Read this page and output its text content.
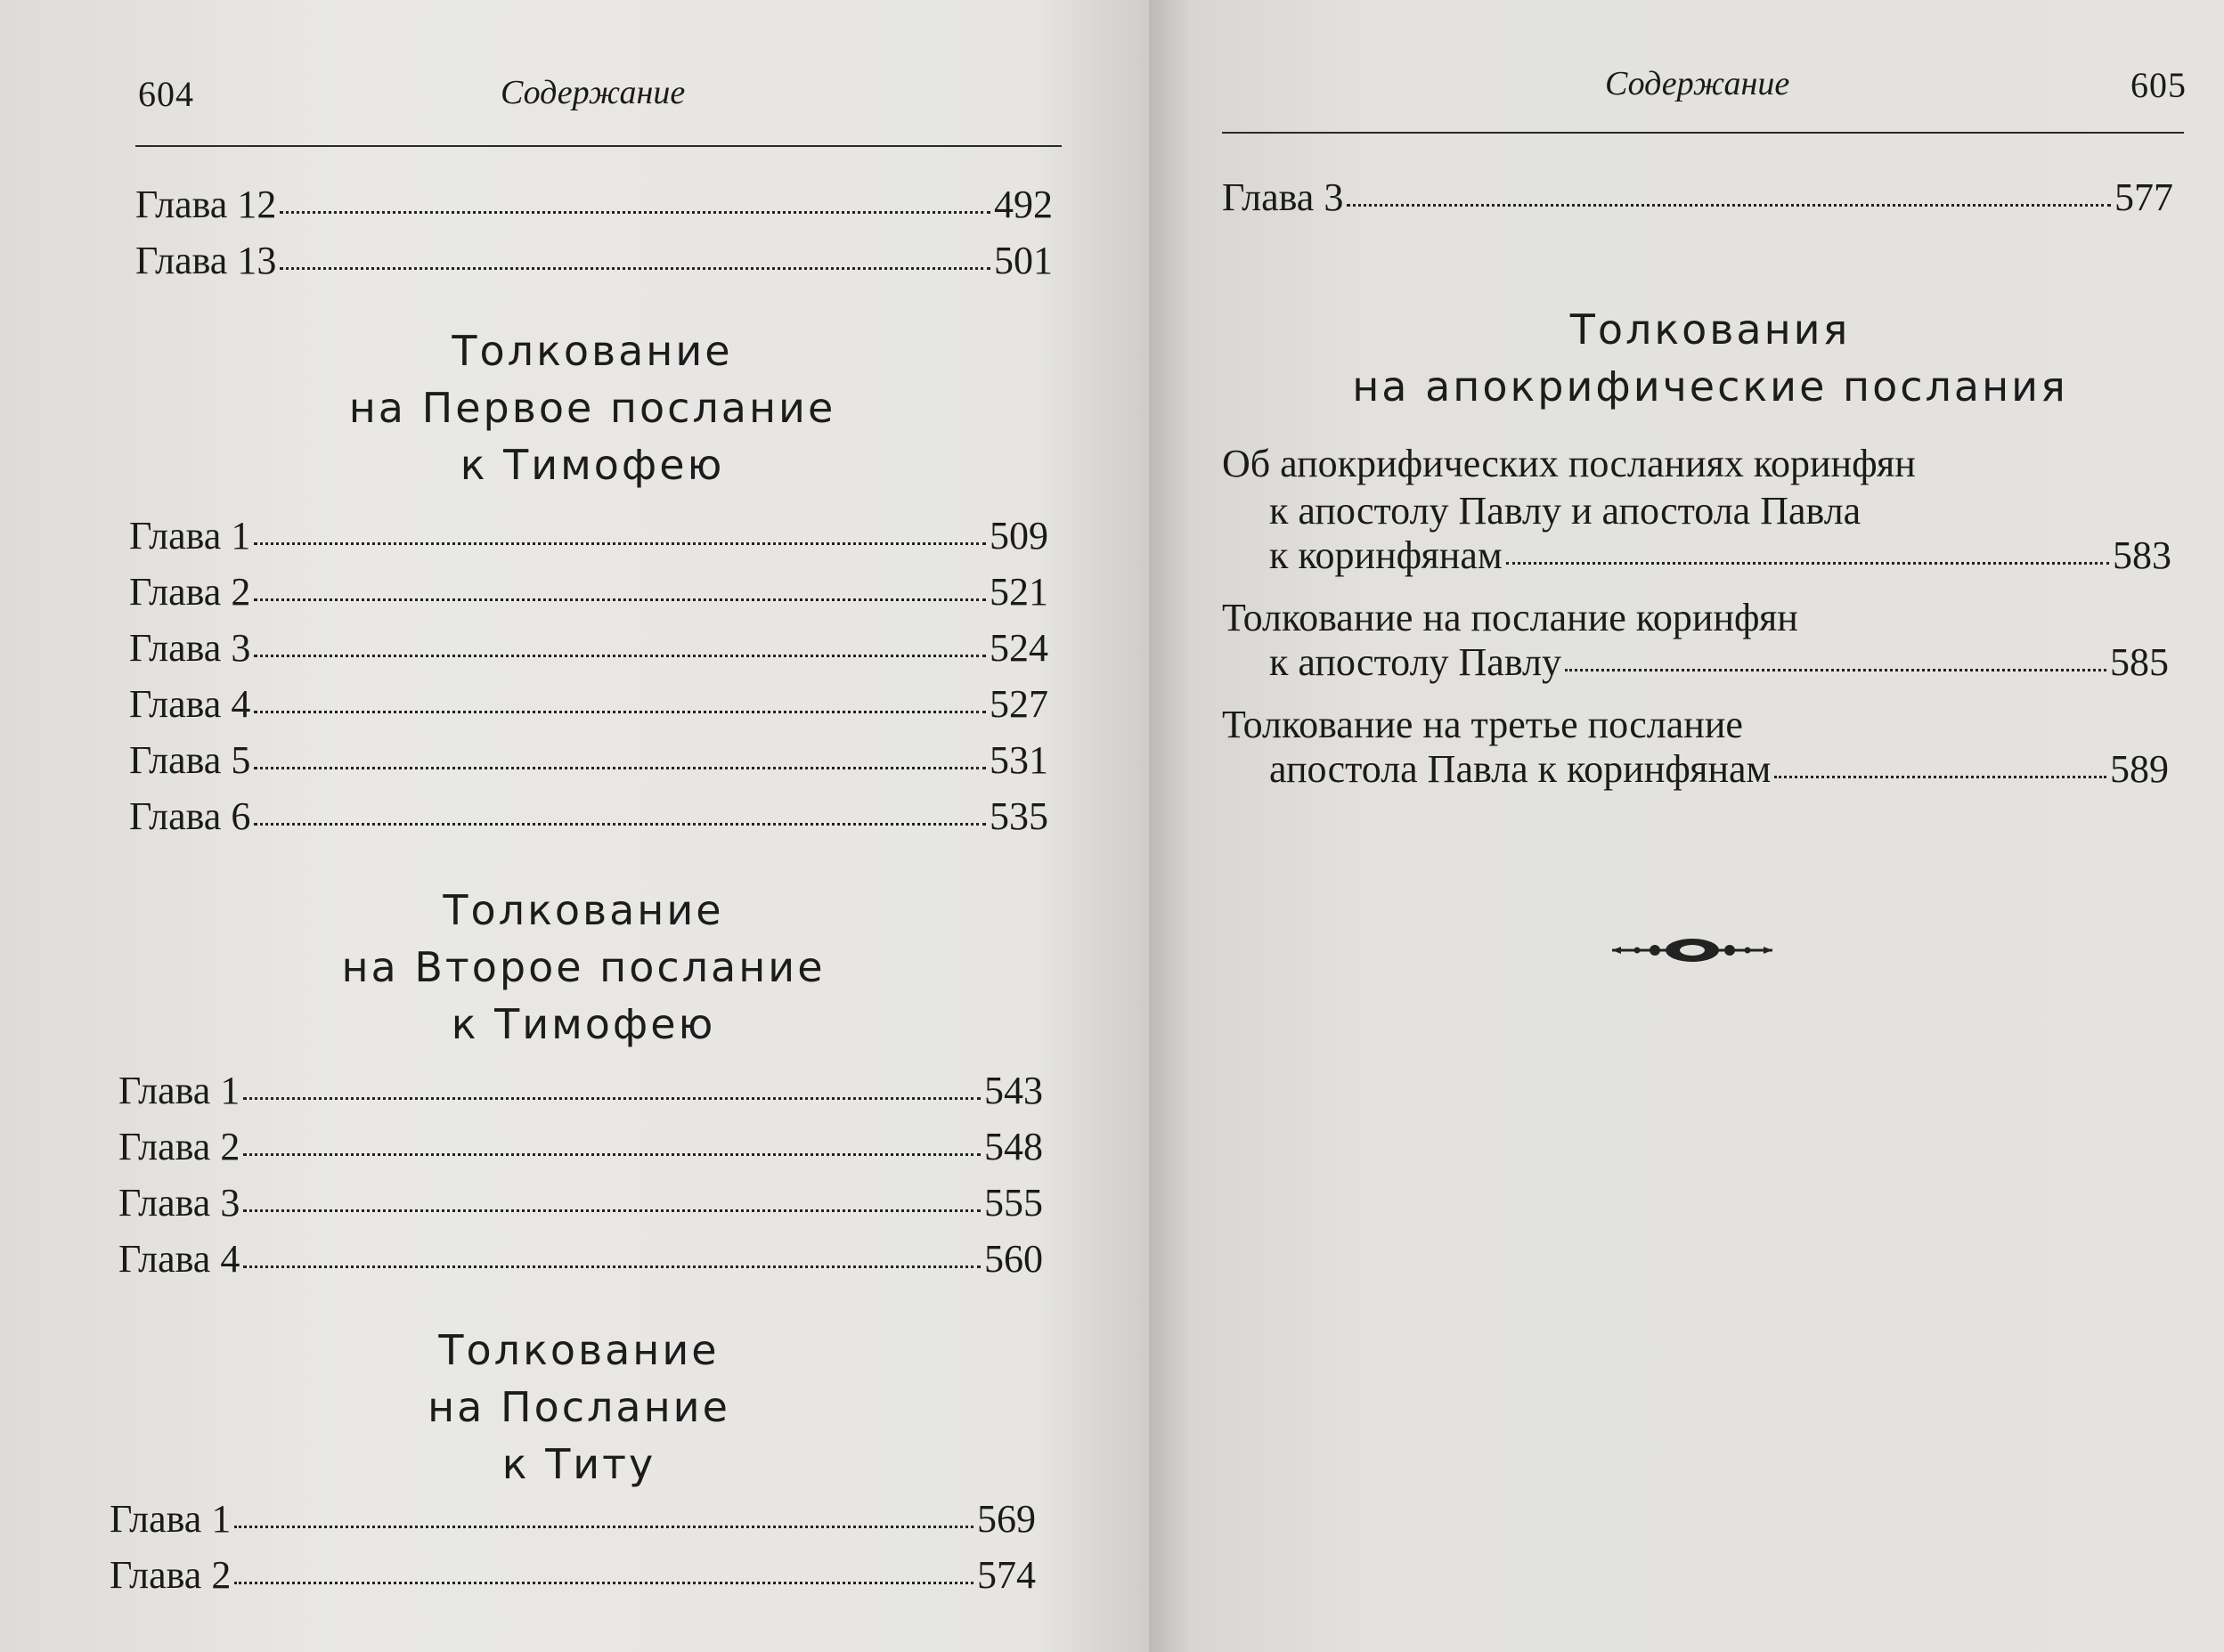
604	Содержание
Глава 12	492
Глава 13	501
Толкование
на Первое послание
к Тимофею
Глава 1	509
Глава 2	521
Глава 3	524
Глава 4	527
Глава 5	531
Глава 6	535
Толкование
на Второе послание
к Тимофею
Глава 1	543
Глава 2	548
Глава 3	555
Глава 4	560
Толкование
на Послание
к Титу
Глава 1	569
Глава 2	574
Содержание	605
Глава 3	577
Толкования
на апокрифические послания
Об апокрифических посланиях коринфян
к апостолу Павлу и апостола Павла
к коринфянам	583
Толкование на послание коринфян
к апостолу Павлу	585
Толкование на третье послание
апостола Павла к коринфянам	589
